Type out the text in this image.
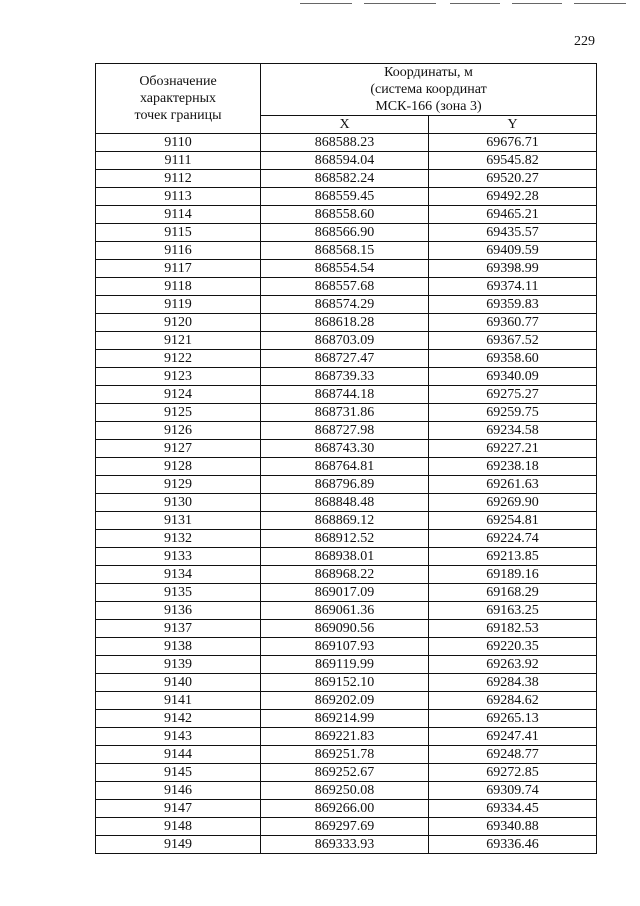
229
Обозначение
характерных
точек границы	Координаты, м
(система координат
МСК-166 (зона 3)	

	X	Y
9110	868588.23	69676.71
9111	868594.04	69545.82
9112	868582.24	69520.27
9113	868559.45	69492.28
9114	868558.60	69465.21
9115	868566.90	69435.57
9116	868568.15	69409.59
9117	868554.54	69398.99
9118	868557.68	69374.11
9119	868574.29	69359.83
9120	868618.28	69360.77
9121	868703.09	69367.52
9122	868727.47	69358.60
9123	868739.33	69340.09
9124	868744.18	69275.27
9125	868731.86	69259.75
9126	868727.98	69234.58
9127	868743.30	69227.21
9128	868764.81	69238.18
9129	868796.89	69261.63
9130	868848.48	69269.90
9131	868869.12	69254.81
9132	868912.52	69224.74
9133	868938.01	69213.85
9134	868968.22	69189.16
9135	869017.09	69168.29
9136	869061.36	69163.25
9137	869090.56	69182.53
9138	869107.93	69220.35
9139	869119.99	69263.92
9140	869152.10	69284.38
9141	869202.09	69284.62
9142	869214.99	69265.13
9143	869221.83	69247.41
9144	869251.78	69248.77
9145	869252.67	69272.85
9146	869250.08	69309.74
9147	869266.00	69334.45
9148	869297.69	69340.88
9149	869333.93	69336.46
